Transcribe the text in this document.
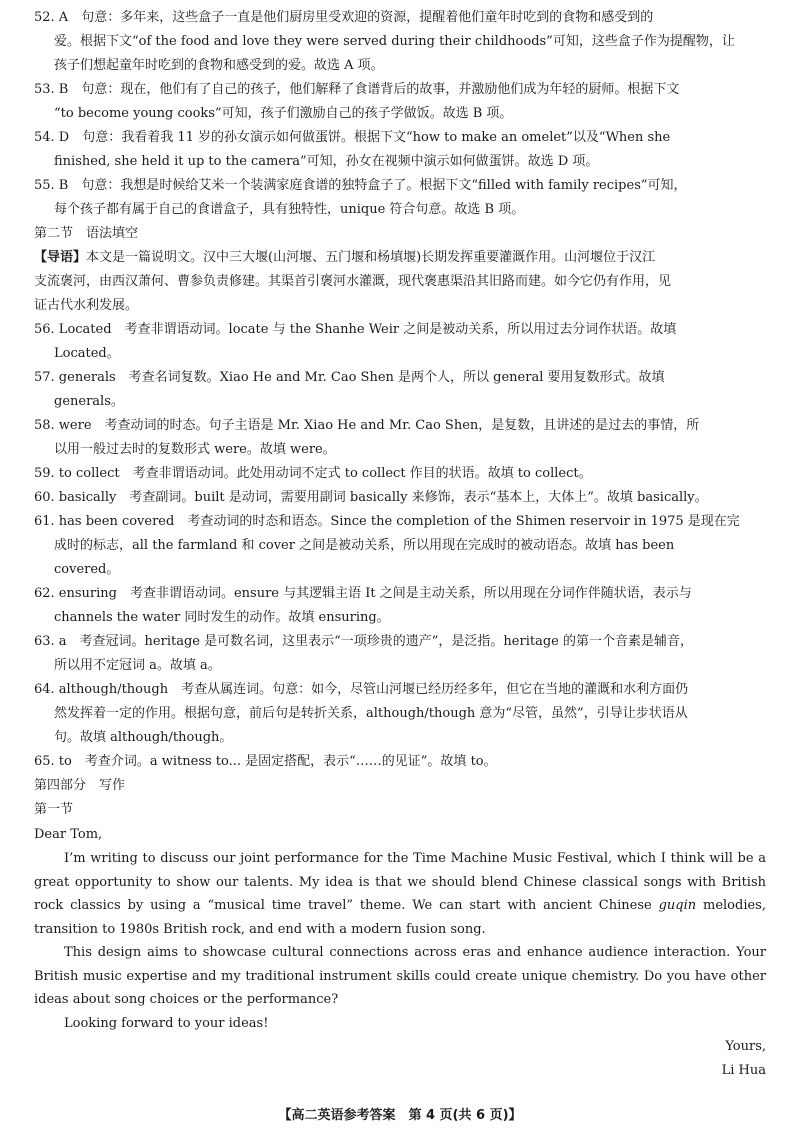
52. A　句意：多年来，这些盒子一直是他们厨房里受欢迎的资源，提醒着他们童年时吃到的食物和感受到的
爱。根据下文“of the food and love they were served during their childhoods”可知，这些盒子作为提醒物，让
孩子们想起童年时吃到的食物和感受到的爱。故选 A 项。
53. B　句意：现在，他们有了自己的孩子，他们解释了食谱背后的故事，并激励他们成为年轻的厨师。根据下文
“to become young cooks”可知，孩子们激励自己的孩子学做饭。故选 B 项。
54. D　句意：我看着我 11 岁的孙女演示如何做蛋饼。根据下文“how to make an omelet”以及“When she
finished, she held it up to the camera”可知，孙女在视频中演示如何做蛋饼。故选 D 项。
55. B　句意：我想是时候给艾米一个装满家庭食谱的独特盒子了。根据下文“filled with family recipes”可知，
每个孩子都有属于自己的食谱盒子，具有独特性，unique 符合句意。故选 B 项。
第二节　语法填空
【导语】本文是一篇说明文。汉中三大堰(山河堰、五门堰和杨填堰)长期发挥重要灌溉作用。山河堰位于汉江
支流褒河，由西汉萧何、曹参负责修建。其渠首引褒河水灌溉，现代褒惠渠沿其旧路而建。如今它仍有作用，见
证古代水利发展。
56. Located　考查非谓语动词。locate 与 the Shanhe Weir 之间是被动关系，所以用过去分词作状语。故填
Located。
57. generals　考查名词复数。Xiao He and Mr. Cao Shen 是两个人，所以 general 要用复数形式。故填
generals。
58. were　考查动词的时态。句子主语是 Mr. Xiao He and Mr. Cao Shen，是复数，且讲述的是过去的事情，所
以用一般过去时的复数形式 were。故填 were。
59. to collect　考查非谓语动词。此处用动词不定式 to collect 作目的状语。故填 to collect。
60. basically　考查副词。built 是动词，需要用副词 basically 来修饰，表示“基本上，大体上”。故填 basically。
61. has been covered　考查动词的时态和语态。Since the completion of the Shimen reservoir in 1975 是现在完
成时的标志，all the farmland 和 cover 之间是被动关系，所以用现在完成时的被动语态。故填 has been
covered。
62. ensuring　考查非谓语动词。ensure 与其逻辑主语 It 之间是主动关系，所以用现在分词作伴随状语，表示与
channels the water 同时发生的动作。故填 ensuring。
63. a　考查冠词。heritage 是可数名词，这里表示“一项珍贵的遗产”，是泛指。heritage 的第一个音素是辅音，
所以用不定冠词 a。故填 a。
64. although/though　考查从属连词。句意：如今，尽管山河堰已经历经多年，但它在当地的灌溉和水利方面仍
然发挥着一定的作用。根据句意，前后句是转折关系，although/though 意为“尽管，虽然”，引导让步状语从
句。故填 although/though。
65. to　考查介词。a witness to... 是固定搭配，表示“……的见证”。故填 to。
第四部分　写作
第一节
Dear Tom,

I’m writing to discuss our joint performance for the Time Machine Music Festival, which I think will be a great opportunity to show our talents. My idea is that we should blend Chinese classical songs with British rock classics by using a “musical time travel” theme. We can start with ancient Chinese guqin melodies, transition to 1980s British rock, and end with a modern fusion song.

This design aims to showcase cultural connections across eras and enhance audience interaction. Your British music expertise and my traditional instrument skills could create unique chemistry. Do you have other ideas about song choices or the performance?

Looking forward to your ideas!

Yours,

Li Hua

【高二英语参考答案　第 4 页(共 6 页)】
